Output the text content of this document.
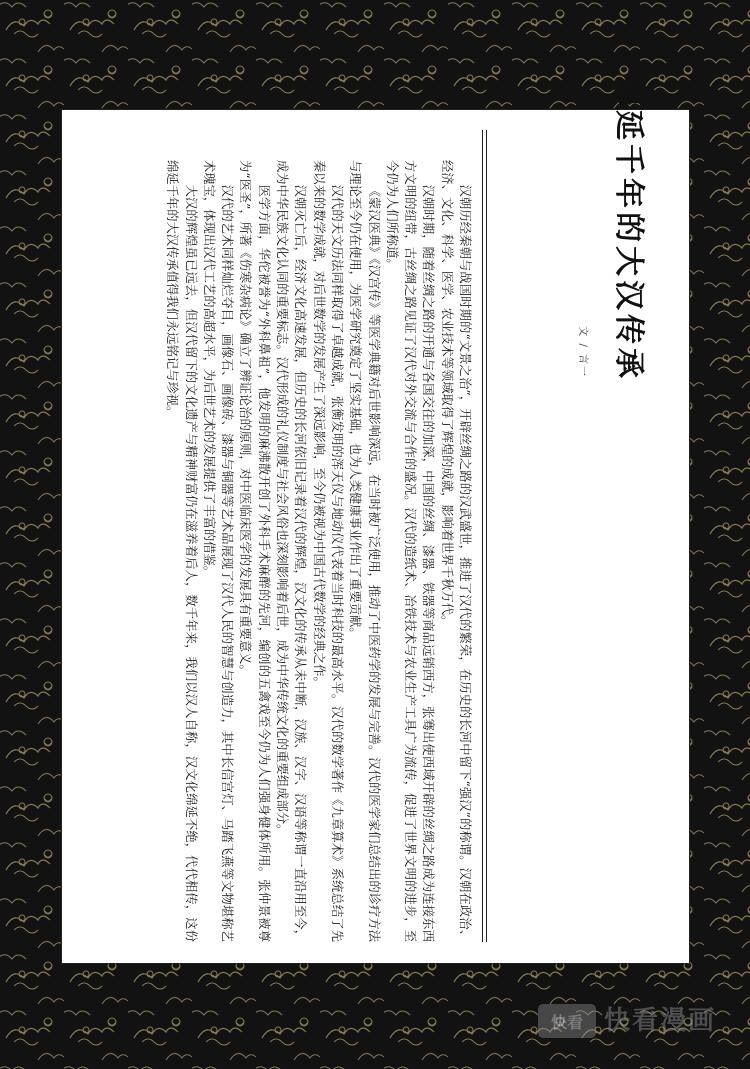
汉朝历经秦朝与战国时期的“文景之治”，开辟丝绸之路的汉武盛世，推进了汉代的繁荣，在历史的长河中留下“强汉”的称谓。汉朝在政治、经济、文化、科学、医学、农业技术等领域取得了辉煌的成就，影响着世界千秋万代。

汉朝时期，随着丝绸之路的开通与各国交往的加深，中国的丝绸、漆器、铁器等商品远销西方，张骞出使西域开辟的丝绸之路成为连接东西方文明的纽带，古丝绸之路见证了汉代对外交流与合作的盛况。汉代的造纸术、冶铁技术与农业生产工具广为流传，促进了世界文明的进步，至今仍为人们所称道。

《蒙汉医典》《汉宫传》等医学典籍对后世影响深远，在当时被广泛使用，推动了中医药学的发展与完善。汉代的医学家们总结出的诊疗方法与理论至今仍在使用，为医学研究奠定了坚实基础，也为人类健康事业作出了重要贡献。

汉代的天文历法同样取得了卓越成就，张衡发明的浑天仪与地动仪代表着当时科技的最高水平。汉代的数学著作《九章算术》系统总结了先秦以来的数学成就，对后世数学的发展产生了深远影响，至今仍被视为中国古代数学的经典之作。

汉朝灭亡后，经济文化高速发展，但历史的长河依旧记录着汉代的辉煌，汉文化的传承从未中断，汉族、汉字、汉语等称谓一直沿用至今，成为中华民族文化认同的重要标志。汉代形成的礼仪制度与社会风俗也深刻影响着后世，成为中华传统文化的重要组成部分。

医学方面，华佗被誉为“外科鼻祖”，他发明的麻沸散开创了外科手术麻醉的先河，编创的五禽戏至今仍为人们强身健体所用。张仲景被尊为“医圣”，所著《伤寒杂病论》确立了辨证论治的原则，对中医临床医学的发展具有重要意义。

汉代的艺术同样灿烂夺目，画像石、画像砖、漆器与铜器等艺术品展现了汉代人民的智慧与创造力，其中长信宫灯、马踏飞燕等文物堪称艺术瑰宝，体现出汉代工艺的高超水平，为后世艺术的发展提供了丰富的借鉴。

大汉的辉煌虽已远去，但汉代留下的文化遗产与精神财富仍在滋养着后人，数千年来，我们以汉人自称，汉文化绵延不绝，代代相传，这份绵延千年的大汉传承值得我们永远铭记与珍视。	绵延千年的大汉传承
文 / 言一
快看 快看漫画
